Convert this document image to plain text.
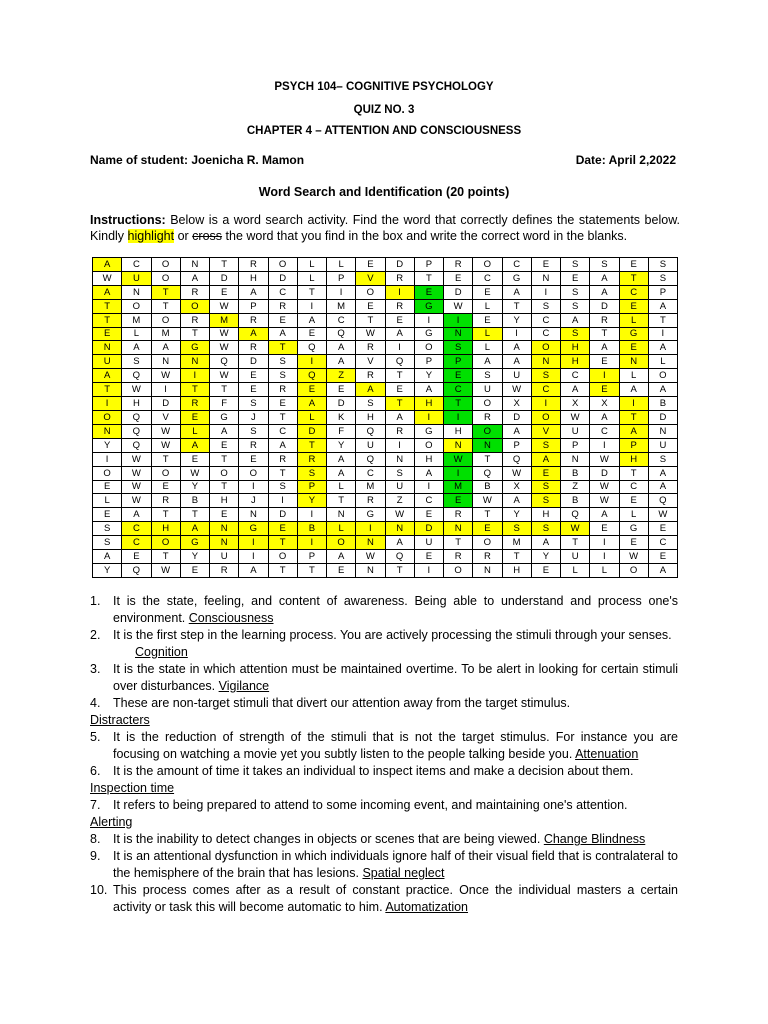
PSYCH 104– COGNITIVE PSYCHOLOGY
QUIZ NO. 3
CHAPTER 4 – ATTENTION AND CONSCIOUSNESS
Name of student: Joenicha R. Mamon	Date: April 2,2022
Word Search and Identification (20 points)
Instructions: Below is a word search activity. Find the word that correctly defines the statements below. Kindly highlight or cross the word that you find in the box and write the correct word in the blanks.
A	C	O	N	T	R	O	L	L	E	D	P	R	O	C	E	S	S	E	S
W	U	O	A	D	H	D	L	P	V	R	T	E	C	G	N	E	A	T	S
A	N	T	R	E	A	C	T	I	O	I	E	D	E	A	I	S	A	C	P
T	O	T	O	W	P	R	I	M	E	R	G	W	L	T	S	S	D	E	A
T	M	O	R	M	R	E	A	C	T	E	I	I	E	Y	C	A	R	L	T
E	L	M	T	W	A	A	E	Q	W	A	G	N	L	I	C	S	T	G	I
N	A	A	G	W	R	T	Q	A	R	I	O	S	L	A	O	H	A	E	A
U	S	N	N	Q	D	S	I	A	V	Q	P	P	A	A	N	H	E	N	L
A	Q	W	I	W	E	S	Q	Z	R	T	Y	E	S	U	S	C	I	L	O
T	W	I	T	T	E	R	E	E	A	E	A	C	U	W	C	A	E	A	A
I	H	D	R	F	S	E	A	D	S	T	H	T	O	X	I	X	X	I	B
O	Q	V	E	G	J	T	L	K	H	A	I	I	R	D	O	W	A	T	D
N	Q	W	L	A	S	C	D	F	Q	R	G	H	O	A	V	U	C	A	N
Y	Q	W	A	E	R	A	T	Y	U	I	O	N	N	P	S	P	I	P	U
I	W	T	E	T	E	R	R	A	Q	N	H	W	T	Q	A	N	W	H	S
O	W	O	W	O	O	T	S	A	C	S	A	I	Q	W	E	B	D	T	A
E	W	E	Y	T	I	S	P	L	M	U	I	M	B	X	S	Z	W	C	A
L	W	R	B	H	J	I	Y	T	R	Z	C	E	W	A	S	B	W	E	Q
E	A	T	T	E	N	D	I	N	G	W	E	R	T	Y	H	Q	A	L	W
S	C	H	A	N	G	E	B	L	I	N	D	N	E	S	S	W	E	G	E
S	C	O	G	N	I	T	I	O	N	A	U	T	O	M	A	T	I	E	C
A	E	T	Y	U	I	O	P	A	W	Q	E	R	R	T	Y	U	I	W	E
Y	Q	W	E	R	A	T	T	E	N	T	I	O	N	H	E	L	L	O	A
1. It is the state, feeling, and content of awareness. Being able to understand and process one's environment. Consciousness
2. It is the first step in the learning process. You are actively processing the stimuli through your senses.
Cognition
3. It is the state in which attention must be maintained overtime. To be alert in looking for certain stimuli over disturbances. Vigilance
4. These are non-target stimuli that divert our attention away from the target stimulus.
Distracters
5. It is the reduction of strength of the stimuli that is not the target stimulus. For instance you are focusing on watching a movie yet you subtly listen to the people talking beside you. Attenuation
6. It is the amount of time it takes an individual to inspect items and make a decision about them.
Inspection time
7. It refers to being prepared to attend to some incoming event, and maintaining one's attention.
Alerting
8. It is the inability to detect changes in objects or scenes that are being viewed. Change Blindness
9. It is an attentional dysfunction in which individuals ignore half of their visual field that is contralateral to the hemisphere of the brain that has lesions. Spatial neglect
10. This process comes after as a result of constant practice. Once the individual masters a certain activity or task this will become automatic to him. Automatization
